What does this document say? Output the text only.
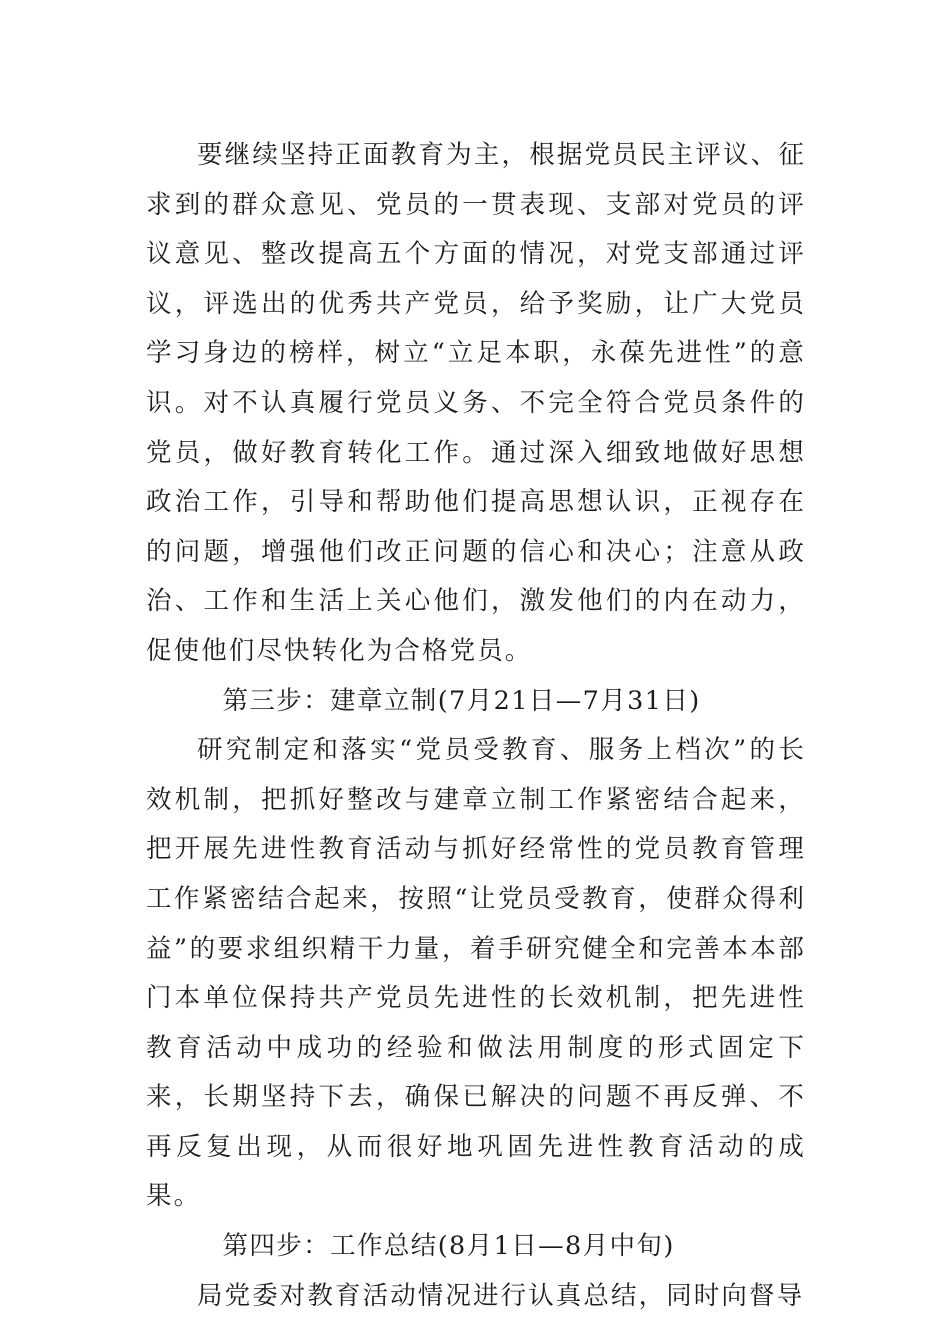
要继续坚持正面教育为主，根据党员民主评议、征求到的群众意见、党员的一贯表现、支部对党员的评议意见、整改提高五个方面的情况，对党支部通过评议，评选出的优秀共产党员，给予奖励，让广大党员学习身边的榜样，树立“立足本职，永葆先进性”的意识。对不认真履行党员义务、不完全符合党员条件的党员，做好教育转化工作。通过深入细致地做好思想政治工作，引导和帮助他们提高思想认识，正视存在的问题，增强他们改正问题的信心和决心；注意从政治、工作和生活上关心他们，激发他们的内在动力，促使他们尽快转化为合格党员。

第三步：建章立制(7月21日—7月31日)

研究制定和落实“党员受教育、服务上档次”的长效机制，把抓好整改与建章立制工作紧密结合起来，把开展先进性教育活动与抓好经常性的党员教育管理工作紧密结合起来，按照“让党员受教育，使群众得利益”的要求组织精干力量，着手研究健全和完善本本部门本单位保持共产党员先进性的长效机制，把先进性教育活动中成功的经验和做法用制度的形式固定下来，长期坚持下去，确保已解决的问题不再反弹、不再反复出现，从而很好地巩固先进性教育活动的成果。

第四步：工作总结(8月1日—8月中旬)

局党委对教育活动情况进行认真总结，同时向督导
